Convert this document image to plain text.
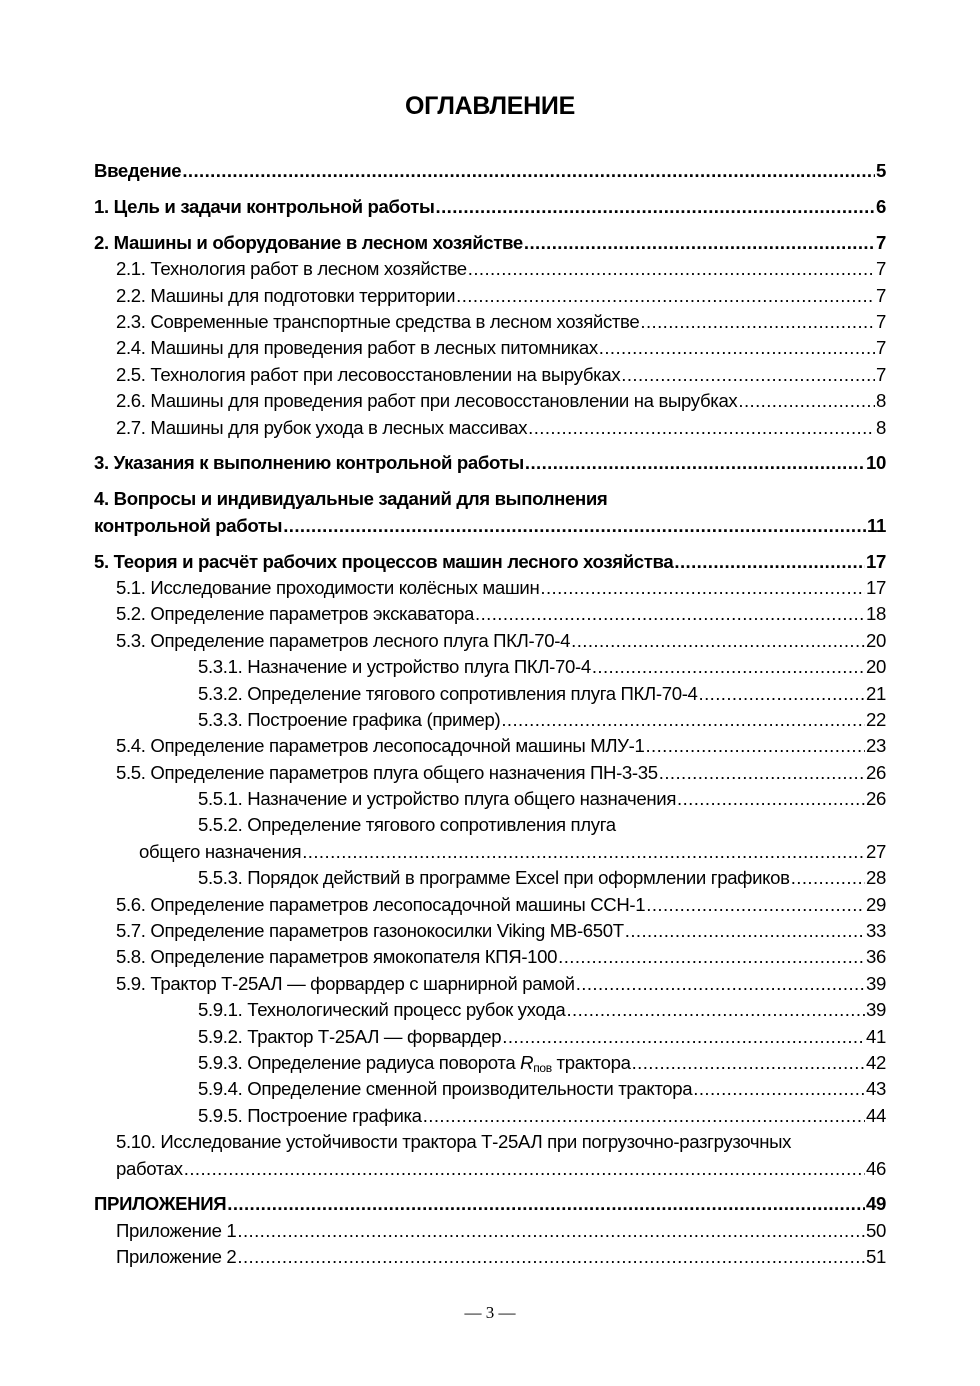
ОГЛАВЛЕНИЕ
Введение .....	5
1. Цель и задачи контрольной работы .....	6
2. Машины и оборудование в лесном хозяйстве .....	7
2.1. Технология работ в лесном хозяйстве .....	7
2.2. Машины для подготовки территории .....	7
2.3. Современные транспортные средства в лесном хозяйстве .....	7
2.4. Машины для проведения работ в лесных питомниках .....	7
2.5. Технология работ при лесовосстановлении на вырубках .....	7
2.6. Машины для проведения работ при лесовосстановлении на вырубках .....	8
2.7. Машины для рубок ухода в лесных массивах .....	8
3. Указания к выполнению контрольной работы .....	10
4. Вопросы и индивидуальные заданий для выполнения
контрольной работы .....	11
5. Теория и расчёт рабочих процессов машин лесного хозяйства .....	17
5.1. Исследование проходимости колёсных машин .....	17
5.2. Определение параметров экскаватора .....	18
5.3. Определение параметров лесного плуга ПКЛ-70-4 .....	20
5.3.1. Назначение и устройство плуга ПКЛ-70-4 .....	20
5.3.2. Определение тягового сопротивления плуга ПКЛ-70-4 .....	21
5.3.3. Построение графика (пример) .....	22
5.4. Определение параметров лесопосадочной машины МЛУ-1 .....	23
5.5. Определение параметров плуга общего назначения ПН-3-35 .....	26
5.5.1. Назначение и устройство плуга общего назначения .....	26
5.5.2. Определение тягового сопротивления плуга
общего назначения .....	27
5.5.3. Порядок действий в программе Excel при оформлении графиков .....	28
5.6. Определение параметров лесопосадочной машины ССН-1 .....	29
5.7. Определение параметров газонокосилки Viking MB-650T .....	33
5.8. Определение параметров ямокопателя КПЯ-100 .....	36
5.9. Трактор Т-25АЛ — форвардер с шарнирной рамой .....	39
5.9.1. Технологический процесс рубок ухода .....	39
5.9.2. Трактор Т-25АЛ — форвардер .....	41
5.9.3. Определение радиуса поворота $R_{пов}$ трактора .....	42
5.9.4. Определение сменной производительности трактора .....	43
5.9.5. Построение графика .....	44
5.10. Исследование устойчивости трактора Т-25АЛ при погрузочно-разгрузочных
работах .....	46
ПРИЛОЖЕНИЯ .....	49
Приложение 1 .....	50
Приложение 2 .....	51
— 3 —
